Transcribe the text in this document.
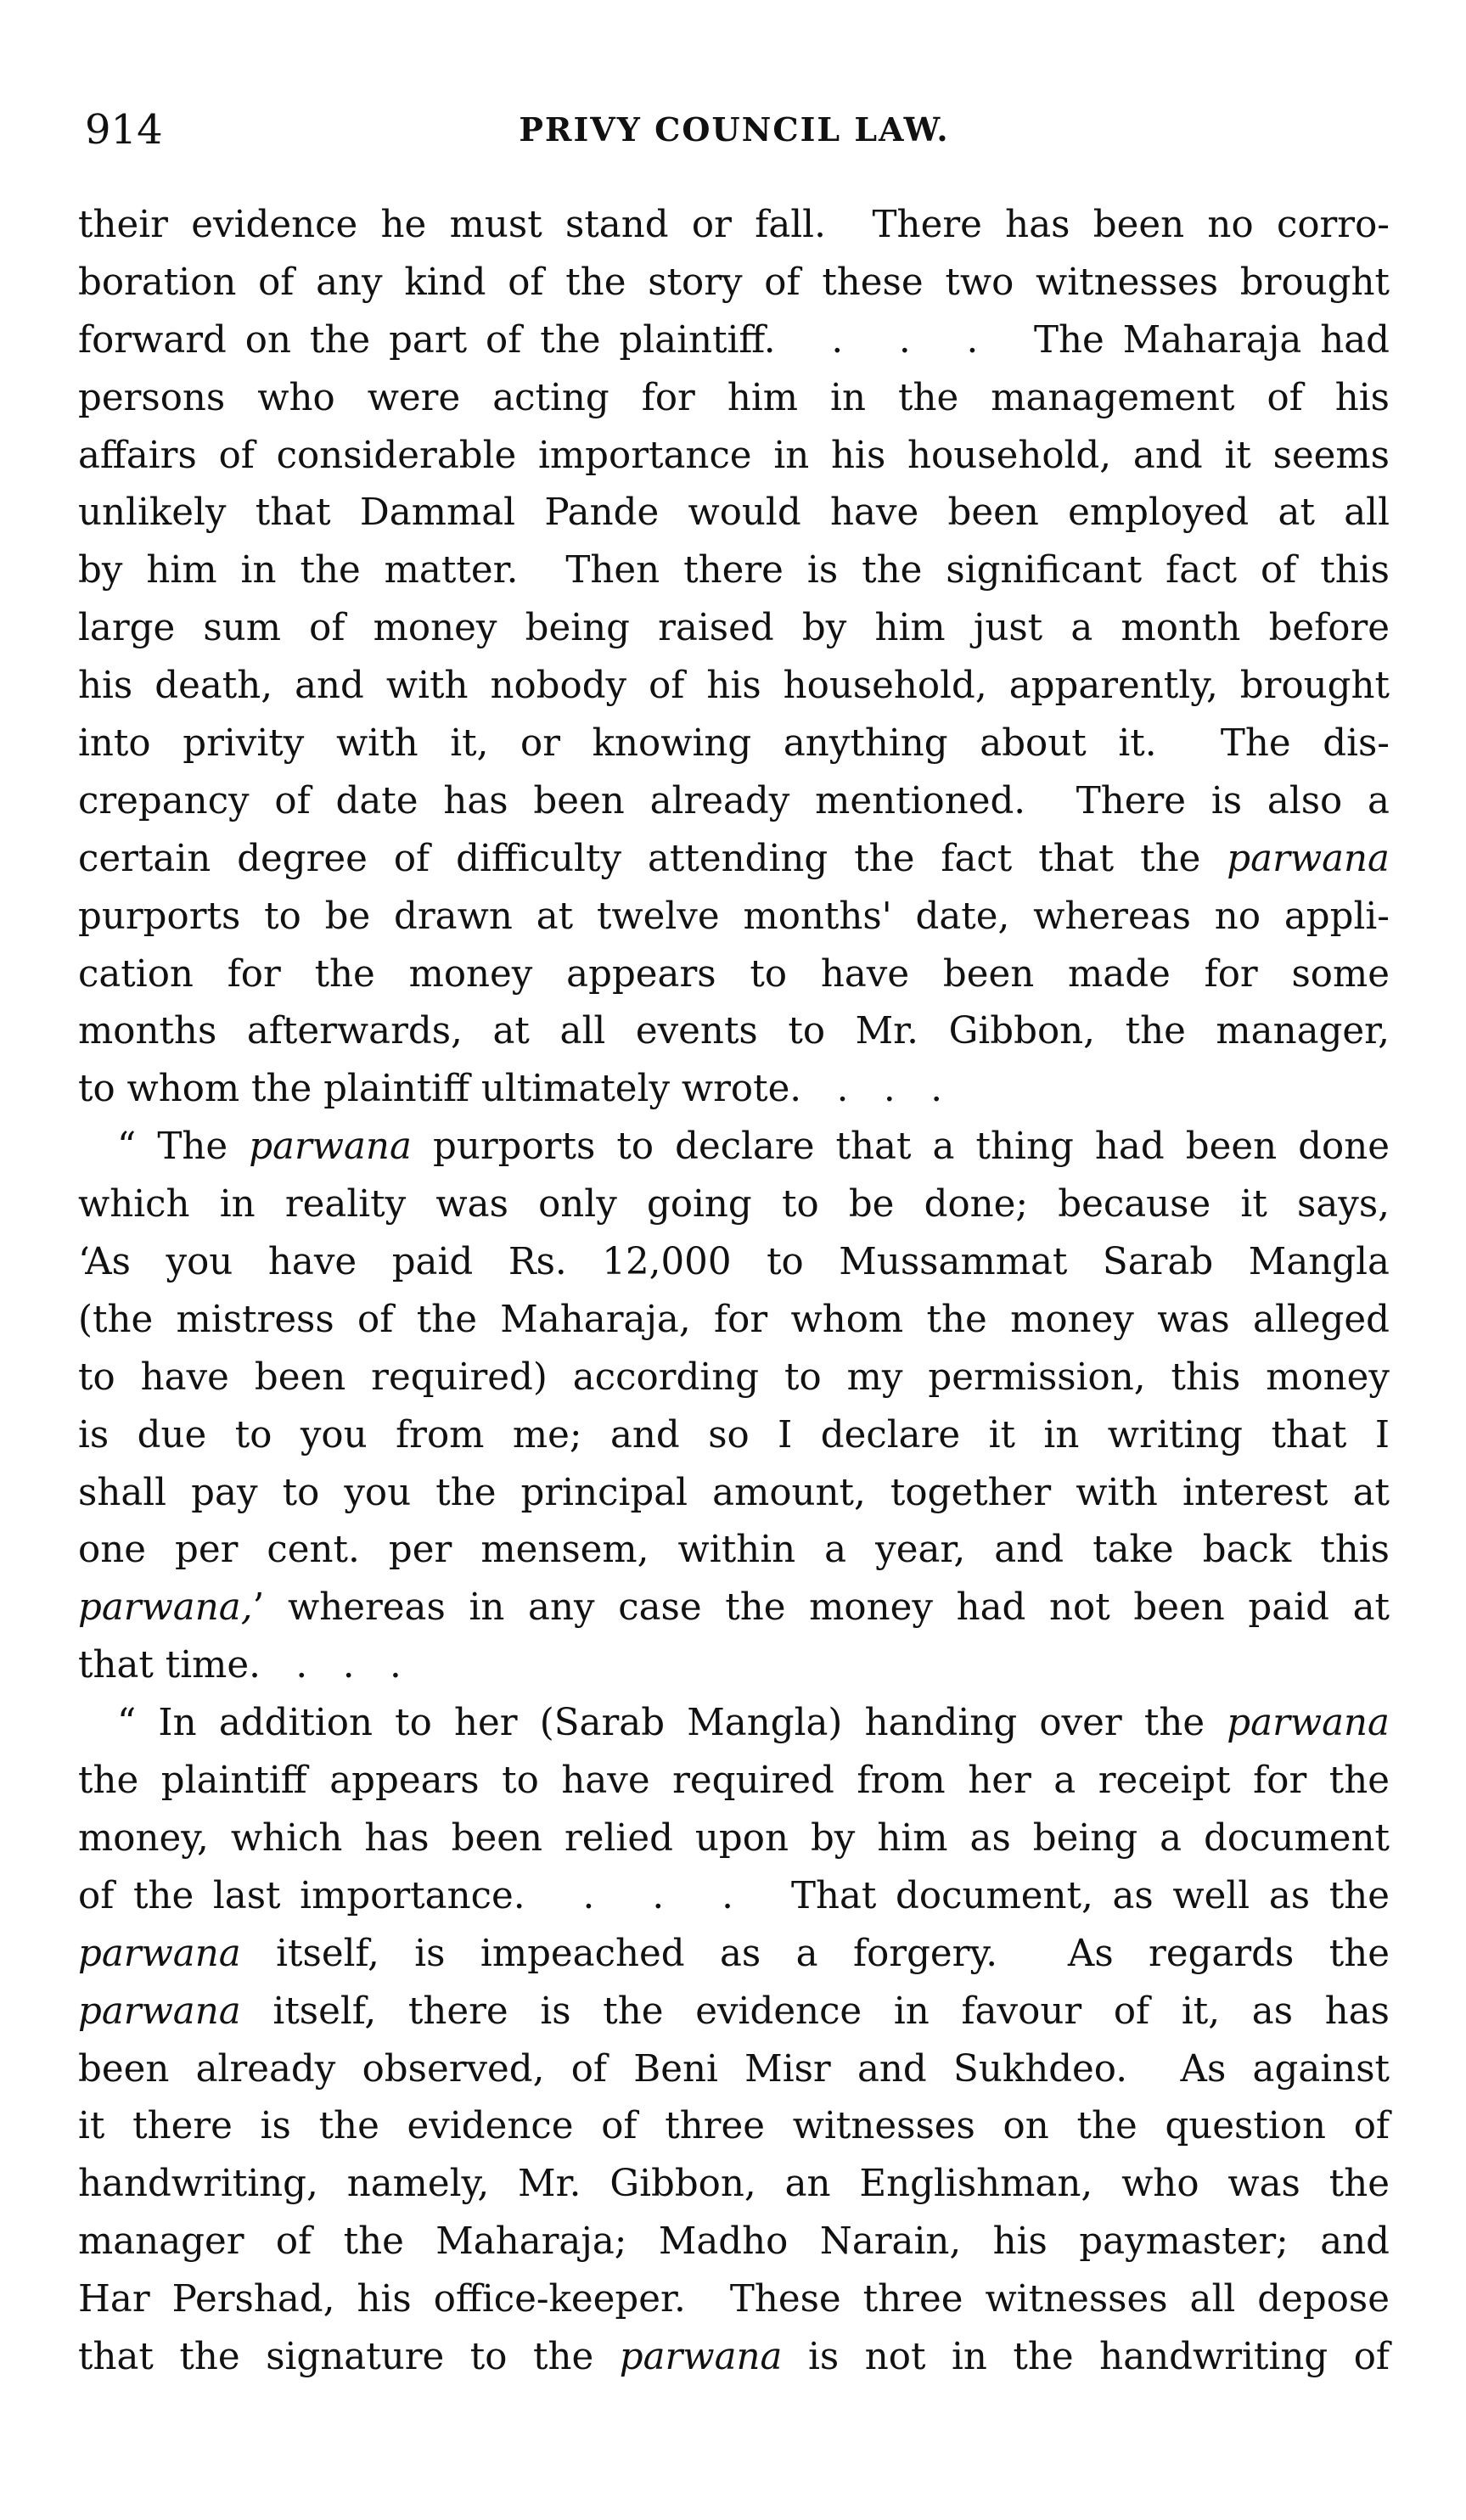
914	PRIVY COUNCIL LAW.
their evidence he must stand or fall.  There has been no corro-
boration of any kind of the story of these two witnesses brought
forward on the part of the plaintiff.   .   .   .   The Maharaja had
persons who were acting for him in the management of his
affairs of considerable importance in his household, and it seems
unlikely that Dammal Pande would have been employed at all
by him in the matter.  Then there is the significant fact of this
large sum of money being raised by him just a month before
his death, and with nobody of his household, apparently, brought
into privity with it, or knowing anything about it.  The dis-
crepancy of date has been already mentioned.  There is also a
certain degree of difficulty attending the fact that the parwana
purports to be drawn at twelve months' date, whereas no appli-
cation for the money appears to have been made for some
months afterwards, at all events to Mr. Gibbon, the manager,
to whom the plaintiff ultimately wrote.   .   .   .
“ The parwana purports to declare that a thing had been done
which in reality was only going to be done; because it says,
‘As you have paid Rs. 12,000 to Mussammat Sarab Mangla
(the mistress of the Maharaja, for whom the money was alleged
to have been required) according to my permission, this money
is due to you from me; and so I declare it in writing that I
shall pay to you the principal amount, together with interest at
one per cent. per mensem, within a year, and take back this
parwana,’ whereas in any case the money had not been paid at
that time.   .   .   .
“ In addition to her (Sarab Mangla) handing over the parwana
the plaintiff appears to have required from her a receipt for the
money, which has been relied upon by him as being a document
of the last importance.   .   .   .   That document, as well as the
parwana itself, is impeached as a forgery.  As regards the
parwana itself, there is the evidence in favour of it, as has
been already observed, of Beni Misr and Sukhdeo.  As against
it there is the evidence of three witnesses on the question of
handwriting, namely, Mr. Gibbon, an Englishman, who was the
manager of the Maharaja; Madho Narain, his paymaster; and
Har Pershad, his office-keeper.  These three witnesses all depose
that the signature to the parwana is not in the handwriting of
